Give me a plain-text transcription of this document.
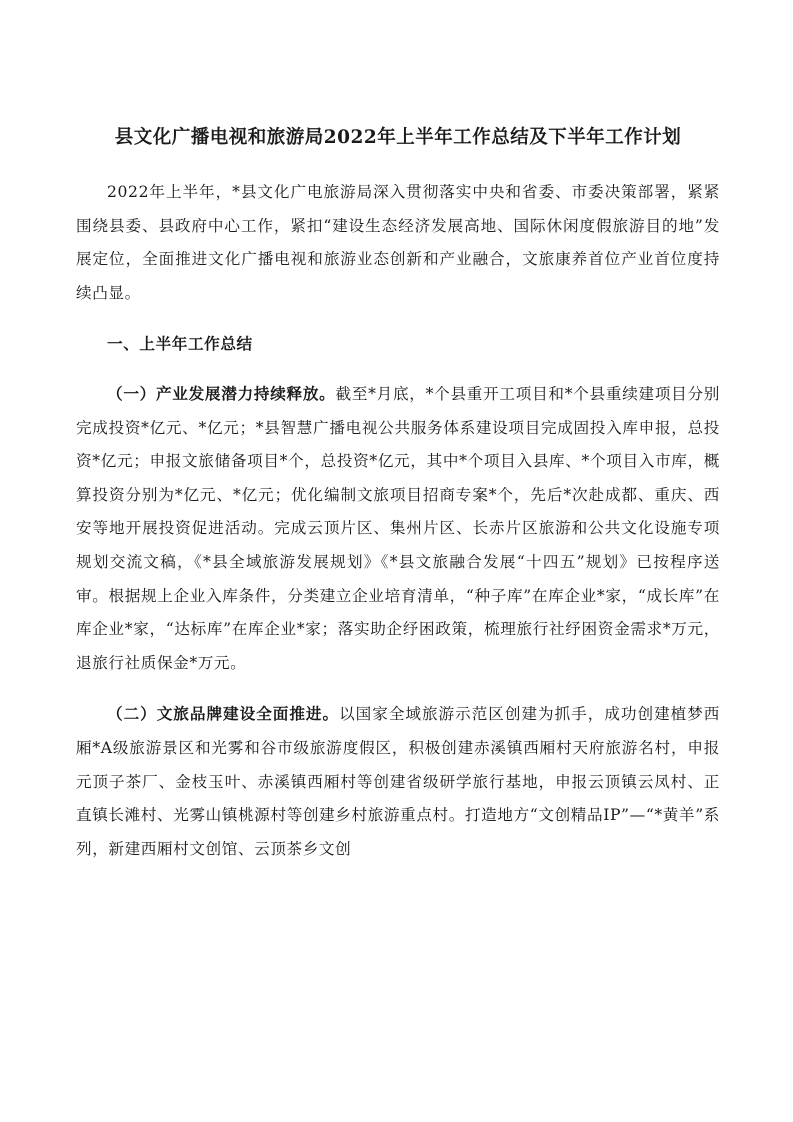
县文化广播电视和旅游局2022年上半年工作总结及下半年工作计划

2022年上半年，*县文化广电旅游局深入贯彻落实中央和省委、市委决策部署，紧紧围绕县委、县政府中心工作，紧扣“建设生态经济发展高地、国际休闲度假旅游目的地”发展定位，全面推进文化广播电视和旅游业态创新和产业融合，文旅康养首位产业首位度持续凸显。

一、上半年工作总结

（一）产业发展潜力持续释放。截至*月底，*个县重开工项目和*个县重续建项目分别完成投资*亿元、*亿元；*县智慧广播电视公共服务体系建设项目完成固投入库申报，总投资*亿元；申报文旅储备项目*个，总投资*亿元，其中*个项目入县库、*个项目入市库，概算投资分别为*亿元、*亿元；优化编制文旅项目招商专案*个，先后*次赴成都、重庆、西安等地开展投资促进活动。完成云顶片区、集州片区、长赤片区旅游和公共文化设施专项规划交流文稿，《*县全域旅游发展规划》《*县文旅融合发展“十四五”规划》已按程序送审。根据规上企业入库条件，分类建立企业培育清单，“种子库”在库企业*家，“成长库”在库企业*家，“达标库”在库企业*家；落实助企纾困政策，梳理旅行社纾困资金需求*万元，退旅行社质保金*万元。

（二）文旅品牌建设全面推进。以国家全域旅游示范区创建为抓手，成功创建植梦西厢*A级旅游景区和光雾和谷市级旅游度假区，积极创建赤溪镇西厢村天府旅游名村，申报元顶子茶厂、金枝玉叶、赤溪镇西厢村等创建省级研学旅行基地，申报云顶镇云凤村、正直镇长滩村、光雾山镇桃源村等创建乡村旅游重点村。打造地方“文创精品IP”—“*黄羊”系列，新建西厢村文创馆、云顶茶乡文创
